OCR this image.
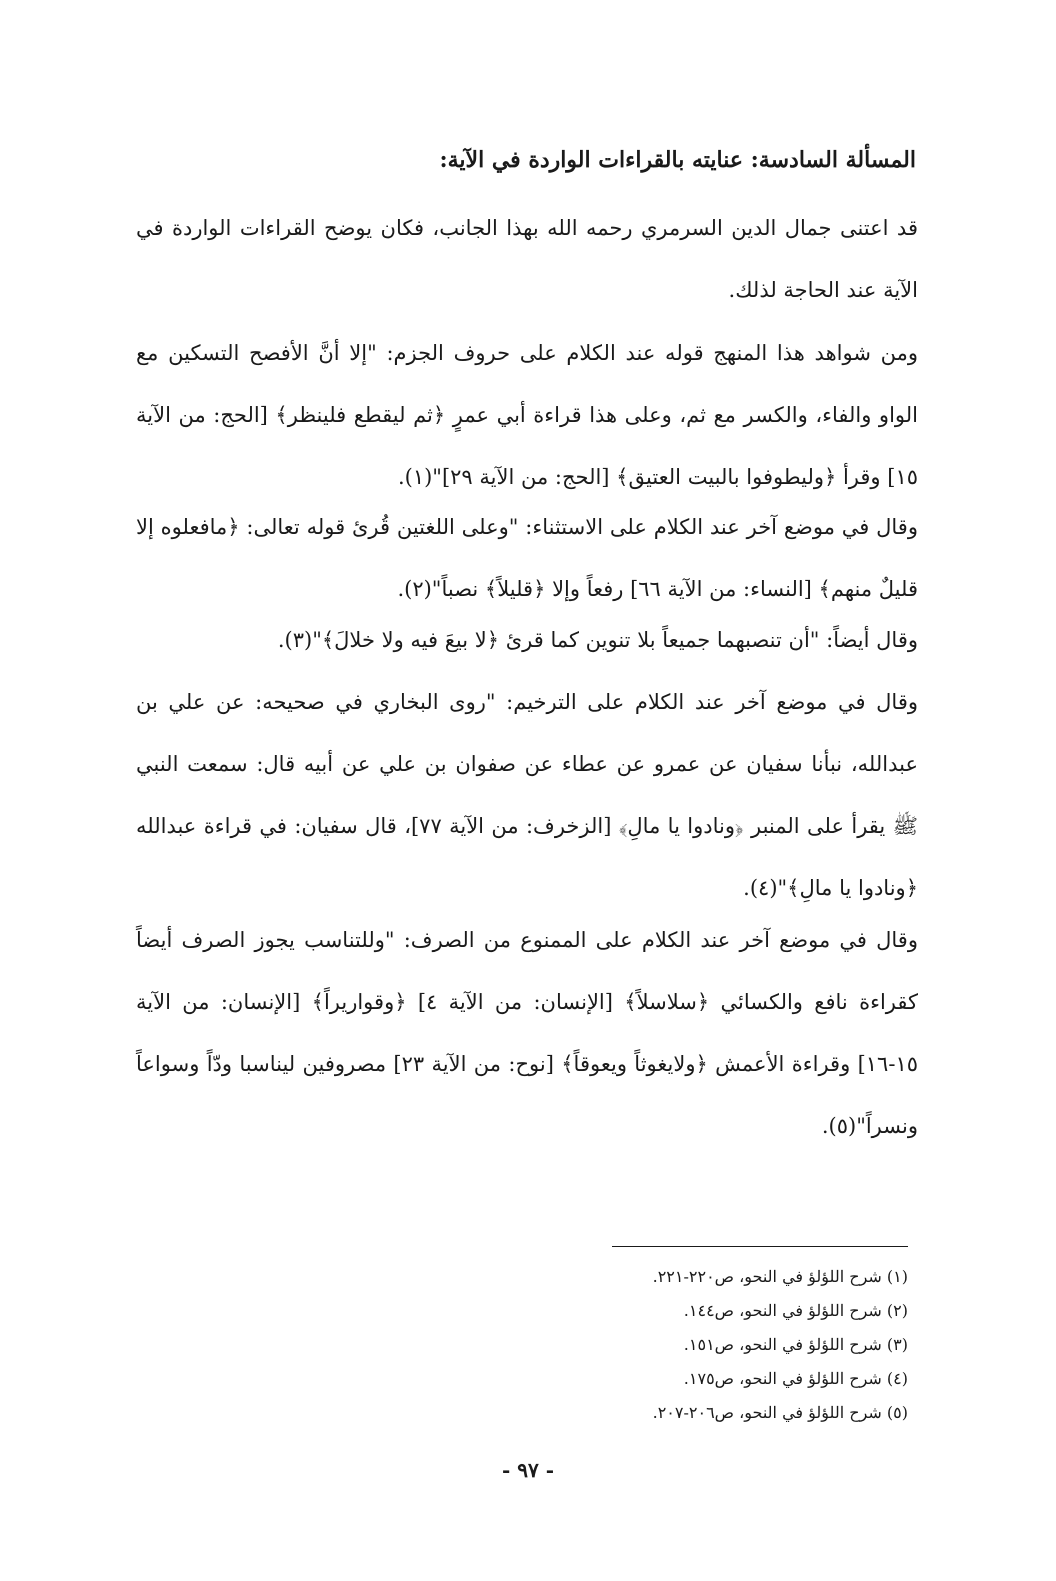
المسألة السادسة: عنايته بالقراءات الواردة في الآية:

قد اعتنى جمال الدين السرمري رحمه الله بهذا الجانب، فكان يوضح القراءات الواردة في الآية عند الحاجة لذلك.

ومن شواهد هذا المنهج قوله عند الكلام على حروف الجزم: "إلا أنَّ الأفصح التسكين مع الواو والفاء، والكسر مع ثم، وعلى هذا قراءة أبي عمرٍ ﴿ثم ليقطع فلينظر﴾ [الحج: من الآية ١٥] وقرأ ﴿وليطوفوا بالبيت العتيق﴾ [الحج: من الآية ٢٩]"(١).

وقال في موضع آخر عند الكلام على الاستثناء: "وعلى اللغتين قُرئ قوله تعالى: ﴿مافعلوه إلا قليلٌ منهم﴾ [النساء: من الآية ٦٦] رفعاً وإلا ﴿قليلاً﴾ نصباً"(٢).

وقال أيضاً: "أن تنصبهما جميعاً بلا تنوين كما قرئ ﴿لا بيعَ فيه ولا خلالَ﴾"(٣).

وقال في موضع آخر عند الكلام على الترخيم: "روى البخاري في صحيحه: عن علي بن عبدالله، نبأنا سفيان عن عمرو عن عطاء عن صفوان بن علي عن أبيه قال: سمعت النبي ﷺ يقرأ على المنبر ﴿ونادوا يا مالِ﴾ [الزخرف: من الآية ٧٧]، قال سفيان: في قراءة عبدالله ﴿ونادوا يا مالِ﴾"(٤).

وقال في موضع آخر عند الكلام على الممنوع من الصرف: "وللتناسب يجوز الصرف أيضاً كقراءة نافع والكسائي ﴿سلاسلاً﴾ [الإنسان: من الآية ٤] ﴿وقواريراً﴾ [الإنسان: من الآية ١٥-١٦] وقراءة الأعمش ﴿ولايغوثاً ويعوقاً﴾ [نوح: من الآية ٢٣] مصروفين ليناسبا ودّاً وسواعاً ونسراً"(٥).

(١) شرح اللؤلؤ في النحو، ص٢٢٠-٢٢١.
(٢) شرح اللؤلؤ في النحو، ص١٤٤.
(٣) شرح اللؤلؤ في النحو، ص١٥١.
(٤) شرح اللؤلؤ في النحو، ص١٧٥.
(٥) شرح اللؤلؤ في النحو، ص٢٠٦-٢٠٧.
- ٩٧ -
